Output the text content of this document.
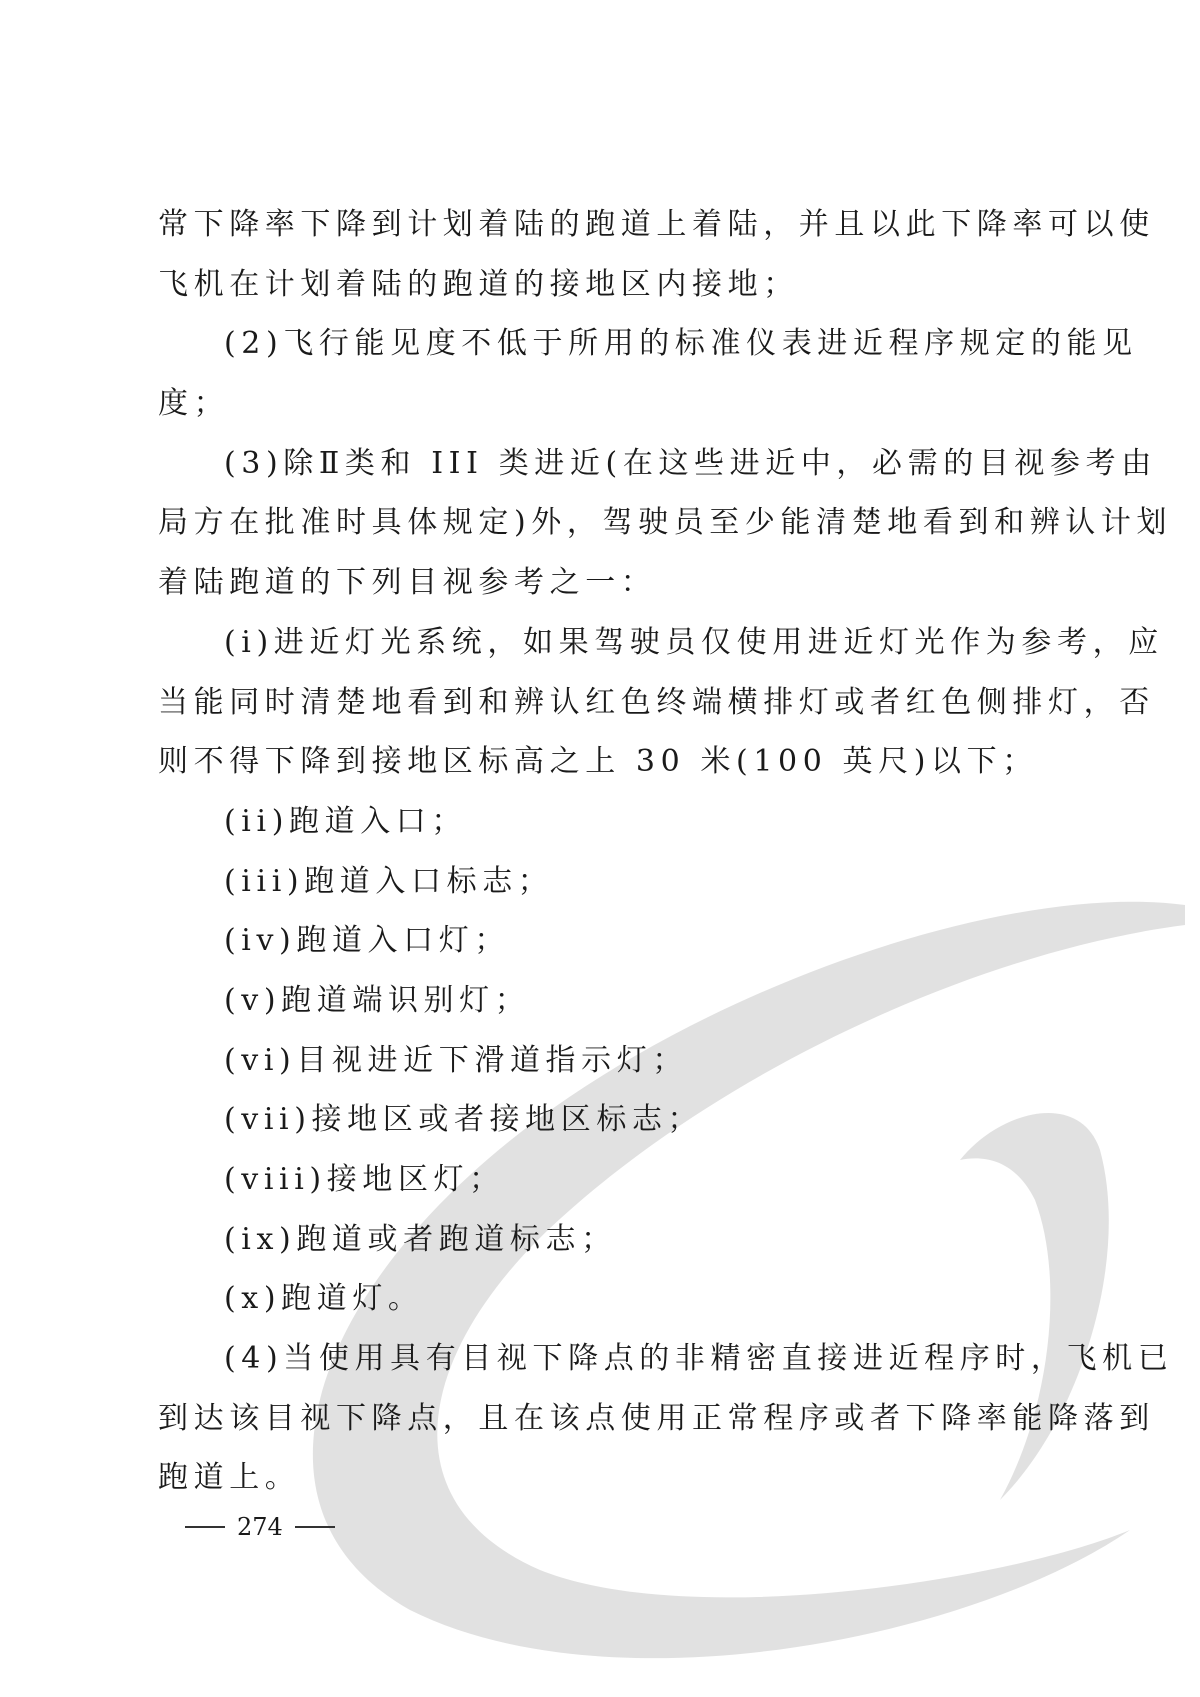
常下降率下降到计划着陆的跑道上着陆，并且以此下降率可以使
飞机在计划着陆的跑道的接地区内接地；
(2)飞行能见度不低于所用的标准仪表进近程序规定的能见
度；
(3)除Ⅱ类和 III 类进近(在这些进近中，必需的目视参考由
局方在批准时具体规定)外，驾驶员至少能清楚地看到和辨认计划
着陆跑道的下列目视参考之一：
(i)进近灯光系统，如果驾驶员仅使用进近灯光作为参考，应
当能同时清楚地看到和辨认红色终端横排灯或者红色侧排灯，否
则不得下降到接地区标高之上 30 米(100 英尺)以下；
(ii)跑道入口；
(iii)跑道入口标志；
(iv)跑道入口灯；
(v)跑道端识别灯；
(vi)目视进近下滑道指示灯；
(vii)接地区或者接地区标志；
(viii)接地区灯；
(ix)跑道或者跑道标志；
(x)跑道灯。
(4)当使用具有目视下降点的非精密直接进近程序时，飞机已
到达该目视下降点，且在该点使用正常程序或者下降率能降落到
跑道上。
274
